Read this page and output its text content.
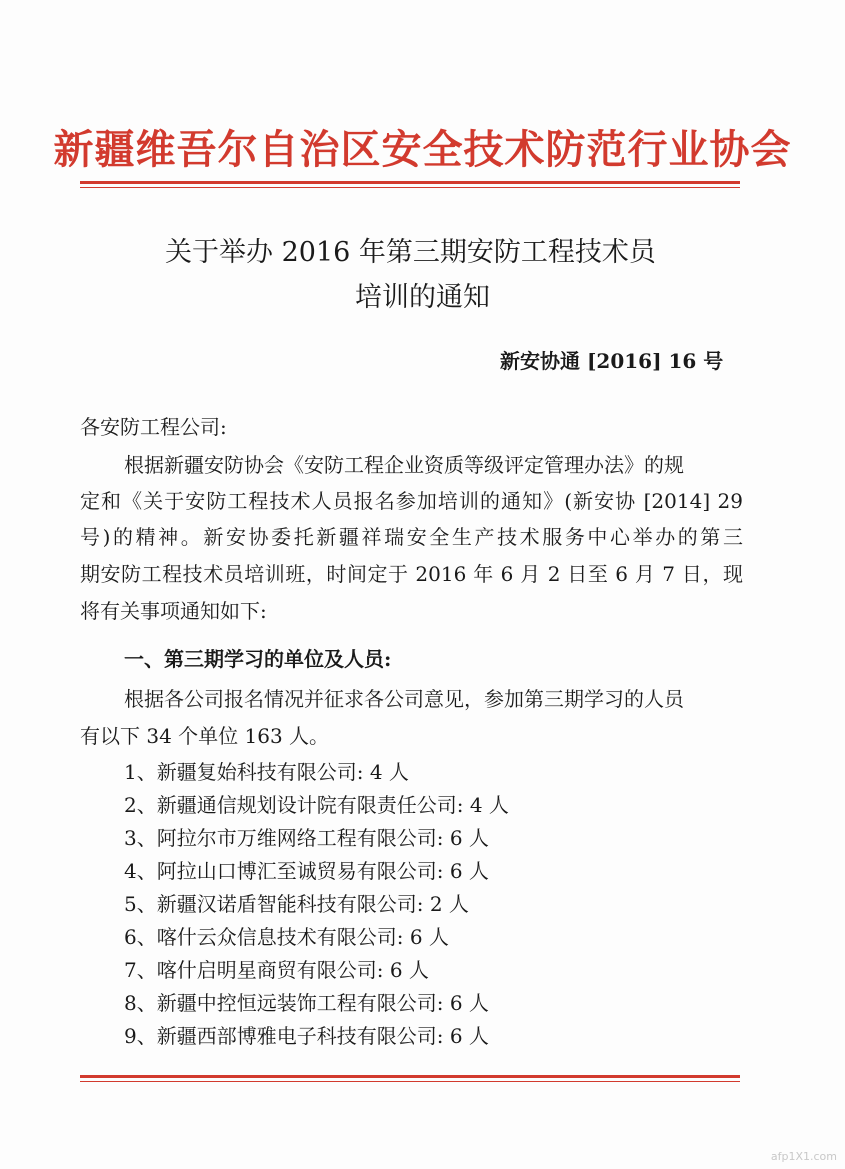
新疆维吾尔自治区安全技术防范行业协会
关于举办 2016 年第三期安防工程技术员
培训的通知
新安协通 [2016] 16 号
各安防工程公司:
根据新疆安防协会《安防工程企业资质等级评定管理办法》的规
定和《关于安防工程技术人员报名参加培训的通知》(新安协 [2014] 29
号)的精神。新安协委托新疆祥瑞安全生产技术服务中心举办的第三
期安防工程技术员培训班，时间定于 2016 年 6 月 2 日至 6 月 7 日，现
将有关事项通知如下:
一、第三期学习的单位及人员:
根据各公司报名情况并征求各公司意见，参加第三期学习的人员
有以下 34 个单位 163 人。
1、新疆复始科技有限公司: 4 人
2、新疆通信规划设计院有限责任公司: 4 人
3、阿拉尔市万维网络工程有限公司: 6 人
4、阿拉山口博汇至诚贸易有限公司: 6 人
5、新疆汉诺盾智能科技有限公司: 2 人
6、喀什云众信息技术有限公司: 6 人
7、喀什启明星商贸有限公司: 6 人
8、新疆中控恒远装饰工程有限公司: 6 人
9、新疆西部博雅电子科技有限公司: 6 人
afp1X1.com
